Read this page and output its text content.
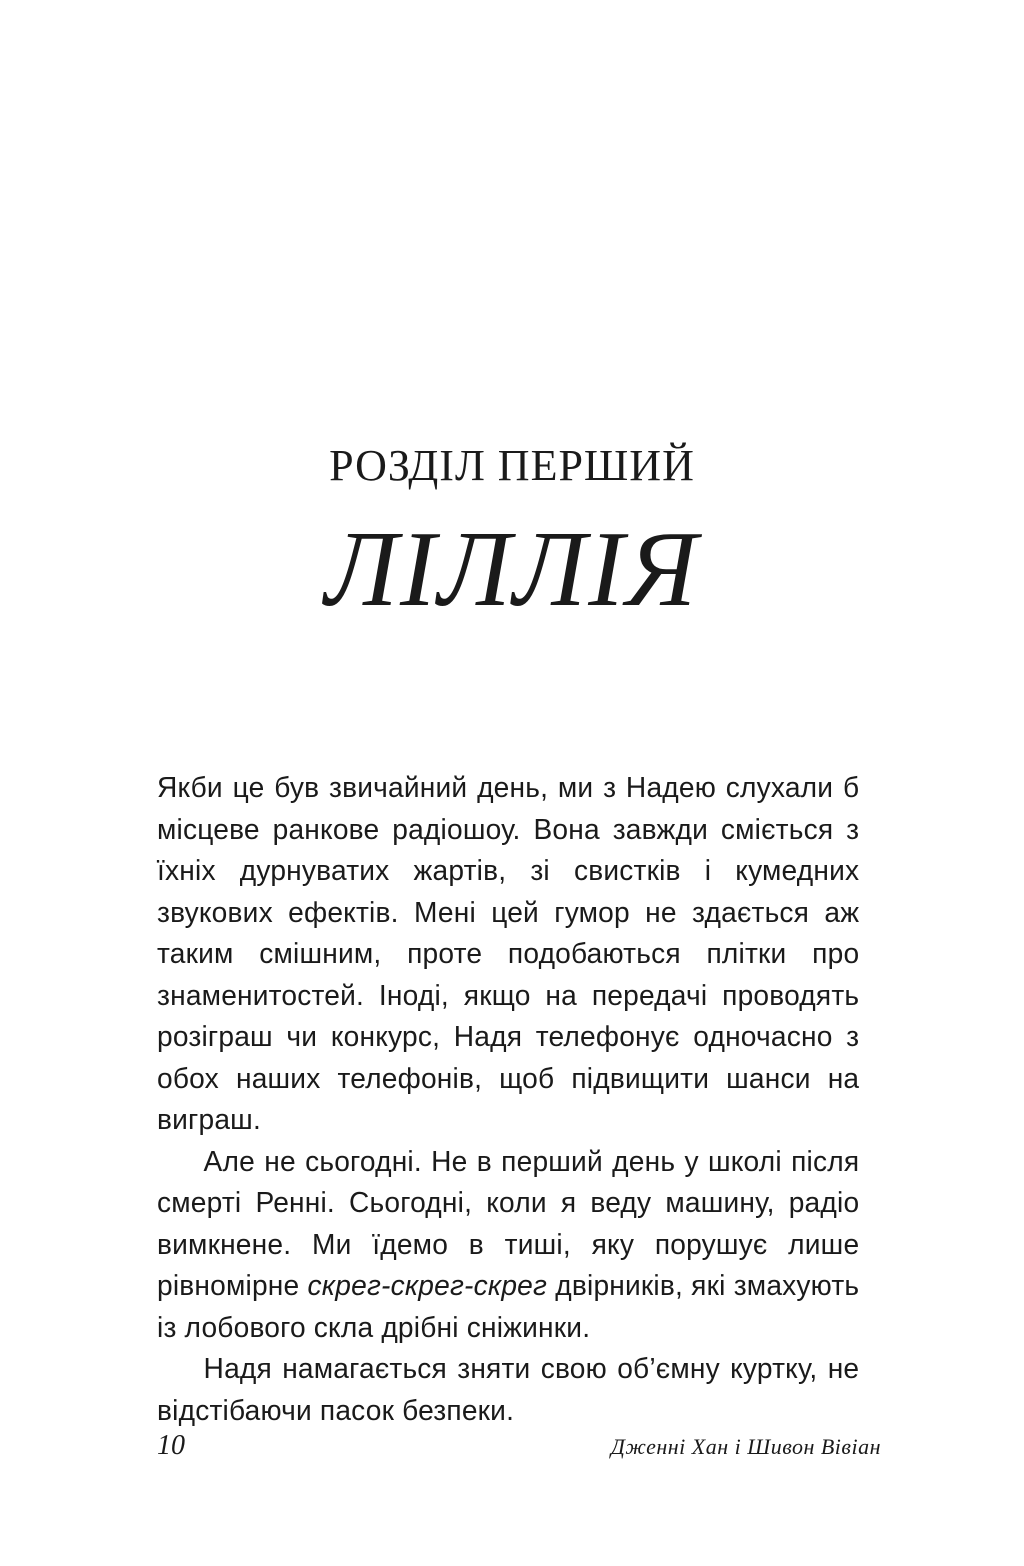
РОЗДІЛ ПЕРШИЙ
ЛІЛЛІЯ

Якби це був звичайний день, ми з Надею слухали б місцеве ранкове радіошоу. Вона завжди сміється з їхніх дурнуватих жартів, зі свистків і кумедних звукових ефектів. Мені цей гумор не здається аж таким смішним, проте подобаються плітки про знаменитостей. Іноді, якщо на передачі проводять розіграш чи конкурс, Надя телефонує одночасно з обох наших телефонів, щоб підвищити шанси на виграш.

Але не сьогодні. Не в перший день у школі після смерті Ренні. Сьогодні, коли я веду машину, радіо вимкнене. Ми їдемо в тиші, яку порушує лише рівномірне скрег-скрег-скрег двірників, які змахують із лобового скла дрібні сніжинки.

Надя намагається зняти свою об’ємну куртку, не відстібаючи пасок безпеки.

10	Дженні Хан і Шивон Вівіан
